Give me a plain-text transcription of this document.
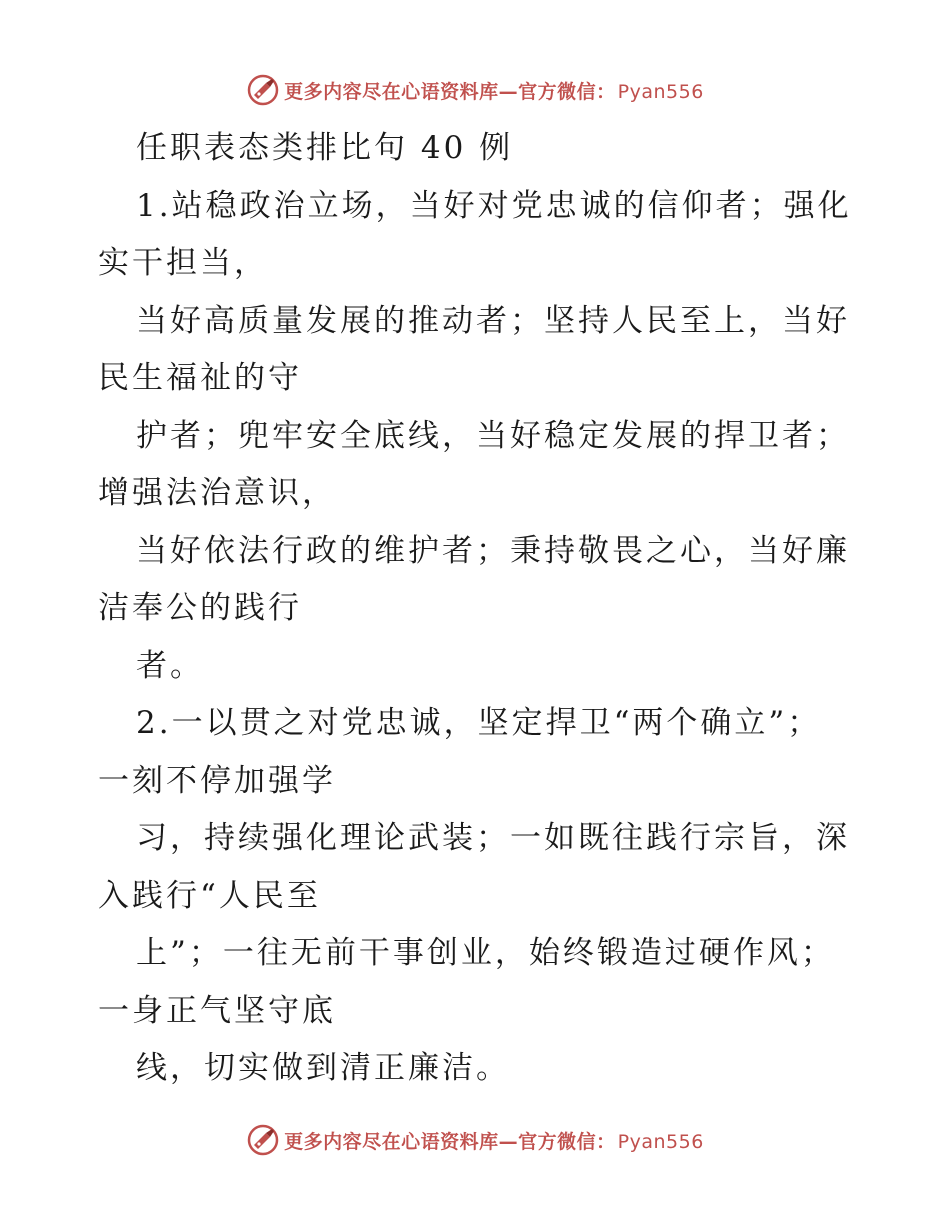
更多内容尽在心语资料库—官方微信： Pyan556
任职表态类排比句 40 例
1.站稳政治立场，当好对党忠诚的信仰者；强化
实干担当，
当好高质量发展的推动者；坚持人民至上，当好
民生福祉的守
护者；兜牢安全底线，当好稳定发展的捍卫者；
增强法治意识，
当好依法行政的维护者；秉持敬畏之心，当好廉
洁奉公的践行
者。
2.一以贯之对党忠诚，坚定捍卫“两个确立”；
一刻不停加强学
习，持续强化理论武装；一如既往践行宗旨，深
入践行“人民至
上”；一往无前干事创业，始终锻造过硬作风；
一身正气坚守底
线，切实做到清正廉洁。
更多内容尽在心语资料库—官方微信： Pyan556
